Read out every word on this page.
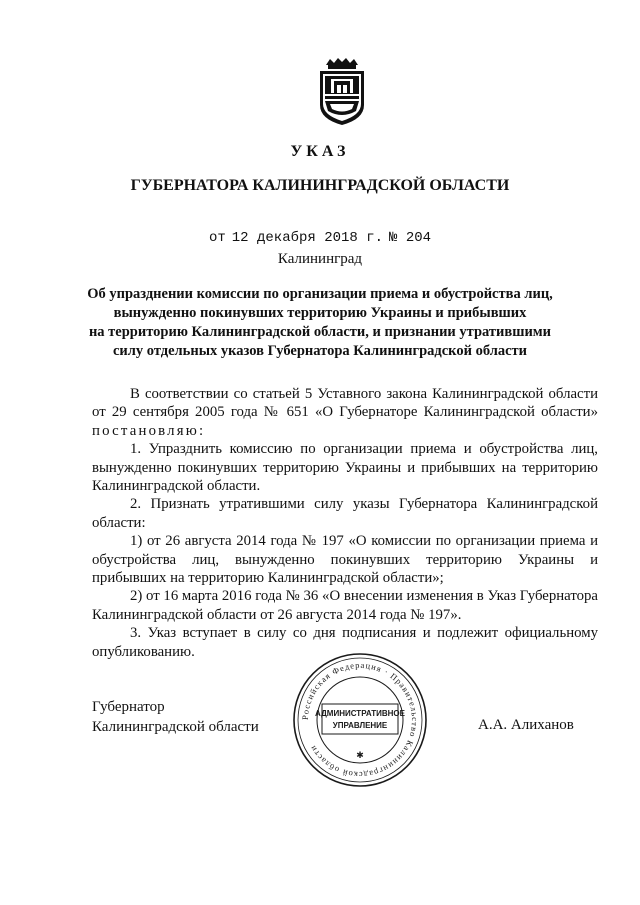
УКАЗ
ГУБЕРНАТОРА КАЛИНИНГРАДСКОЙ ОБЛАСТИ
от 12 декабря 2018 г. № 204
Калининград
Об упразднении комиссии по организации приема и обустройства лиц,
вынужденно покинувших территорию Украины и прибывших
на территорию Калининградской области, и признании утратившими
силу отдельных указов Губернатора Калининградской области

В соответствии со статьей 5 Уставного закона Калининградской области от 29 сентября 2005 года № 651 «О Губернаторе Калининградской области» постановляю:

1. Упразднить комиссию по организации приема и обустройства лиц, вынужденно покинувших территорию Украины и прибывших на территорию Калининградской области.

2. Признать утратившими силу указы Губернатора Калининградской области:

1) от 26 августа 2014 года № 197 «О комиссии по организации приема и обустройства лиц, вынужденно покинувших территорию Украины и прибывших на территорию Калининградской области»;

2) от 16 марта 2016 года № 36 «О внесении изменения в Указ Губернатора Калининградской области от 26 августа 2014 года № 197».

3. Указ вступает в силу со дня подписания и подлежит официальному опубликованию.

Губернатор
Калининградской области
Российская Федерация · Правительство Калининградской области
АДМИНИСТРАТИВНОЕ
УПРАВЛЕНИЕ
✱
А.А. Алиханов
